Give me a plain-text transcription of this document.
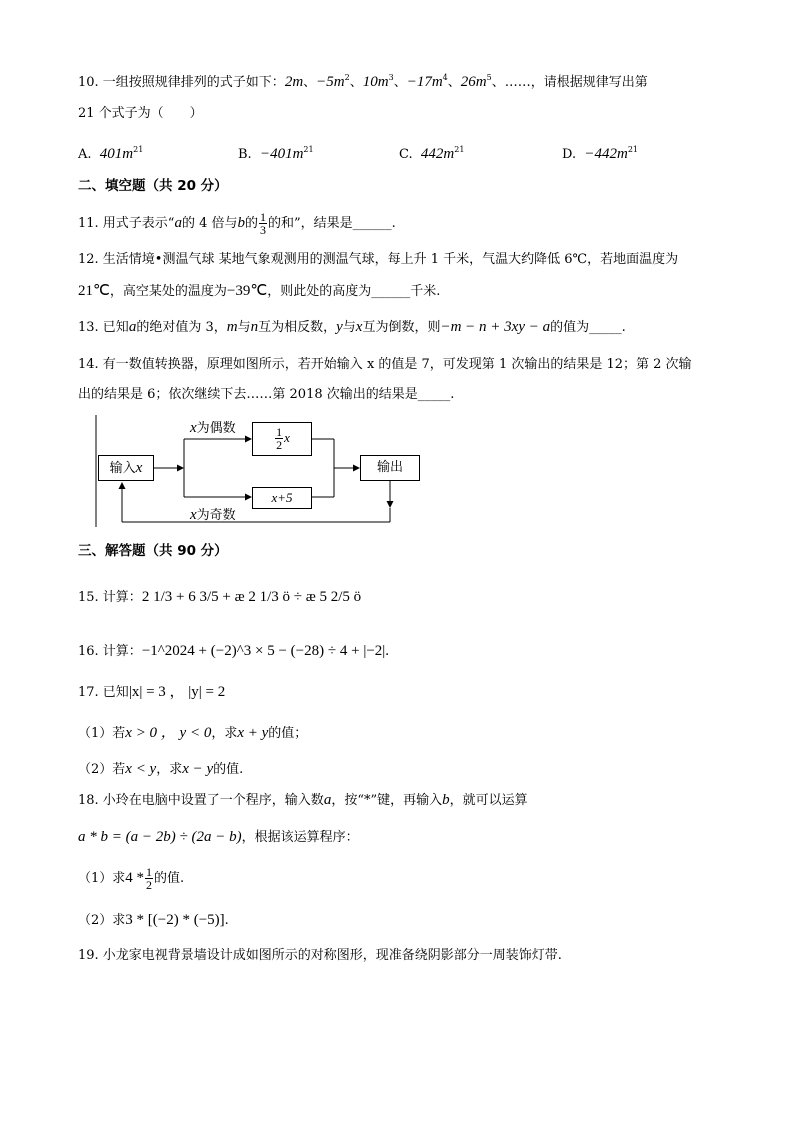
10. 一组按照规律排列的式子如下：2m、$-5m^2$、$10m^3$、$-17m^4$、$26m^5$、……，请根据规律写出第
21 个式子为（　　）
A. $401m^{21}$	B. $-401m^{21}$	C. $442m^{21}$	D. $-442m^{21}$
二、填空题（共 20 分）
11. 用式子表示“a的 4 倍与b的 $\frac{1}{3}$ 的和”，结果是______.
12. 生活情境•测温气球 某地气象观测用的测温气球，每上升 1 千米，气温大约降低 6℃，若地面温度为
21℃，高空某处的温度为−39℃，则此处的高度为______千米.
13. 已知a的绝对值为 3，m与n互为相反数，y与x互为倒数，则−m − n + 3xy − a的值为_____.
14. 有一数值转换器，原理如图所示，若开始输入 x 的值是 7，可发现第 1 次输出的结果是 12；第 2 次输
出的结果是 6；依次继续下去……第 2018 次输出的结果是_____.
输入x
$\frac{1}{2}$ x
x+5
输出
x为偶数
x为奇数
三、解答题（共 90 分）
15. 计算：2 1/3 + 6 3/5 + æ 2 1/3 ö ÷ æ 5 2/5 ö
16. 计算：−1^2024 + (−2)^3 × 5 − (−28) ÷ 4 + |−2|.
17. 已知|x| = 3 ， |y| = 2
（1）若x > 0 ， y < 0，求x + y的值；
（2）若x < y，求x − y的值.
18. 小玲在电脑中设置了一个程序，输入数a，按“*”键，再输入b，就可以运算
a * b = (a − 2b) ÷ (2a − b)，根据该运算程序：
（1）求$4 * \frac{1}{2}$ 的值.
（2）求3 * [(−2) * (−5)].
19. 小龙家电视背景墙设计成如图所示的对称图形，现准备绕阴影部分一周装饰灯带.
